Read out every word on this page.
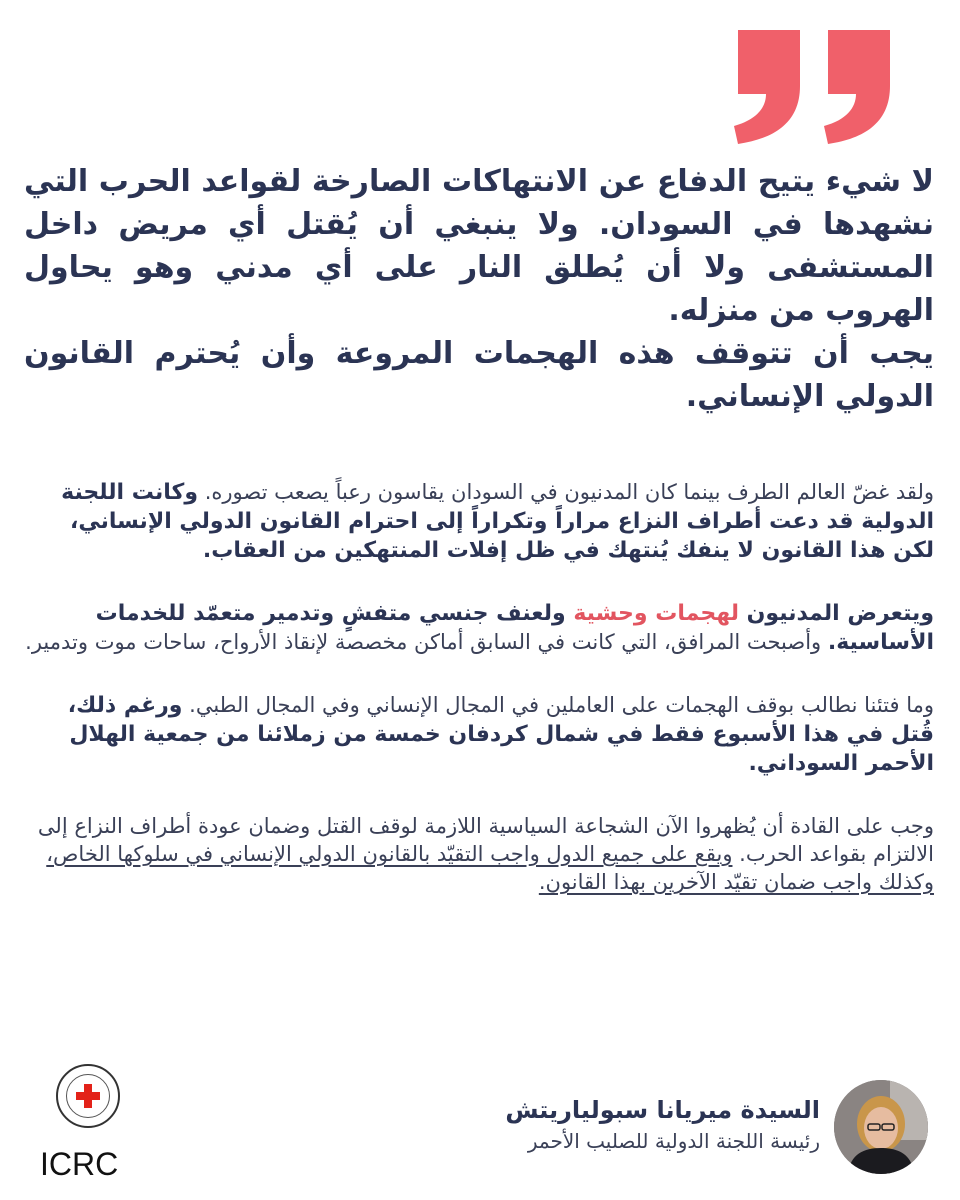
لا شيء يتيح الدفاع عن الانتهاكات الصارخة لقواعد الحرب التي نشهدها في السودان. ولا ينبغي أن يُقتل أي مريض داخل المستشفى ولا أن يُطلق النار على أي مدني وهو يحاول الهروب من منزله.

يجب أن تتوقف هذه الهجمات المروعة وأن يُحترم القانون الدولي الإنساني.

ولقد غضّ العالم الطرف بينما كان المدنيون في السودان يقاسون رعباً يصعب تصوره. وكانت اللجنة الدولية قد دعت أطراف النزاع مراراً وتكراراً إلى احترام القانون الدولي الإنساني، لكن هذا القانون لا ينفك يُنتهك في ظل إفلات المنتهكين من العقاب.

ويتعرض المدنيون لهجمات وحشية ولعنف جنسي متفشٍ وتدمير متعمّد للخدمات الأساسية. وأصبحت المرافق، التي كانت في السابق أماكن مخصصة لإنقاذ الأرواح، ساحات موت وتدمير.

وما فتئنا نطالب بوقف الهجمات على العاملين في المجال الإنساني وفي المجال الطبي. ورغم ذلك، قُتل في هذا الأسبوع فقط في شمال كردفان خمسة من زملائنا من جمعية الهلال الأحمر السوداني.

وجب على القادة أن يُظهروا الآن الشجاعة السياسية اللازمة لوقف القتل وضمان عودة أطراف النزاع إلى الالتزام بقواعد الحرب. ويقع على جميع الدول واجب التقيّد بالقانون الدولي الإنساني في سلوكها الخاص، وكذلك واجب ضمان تقيّد الآخرين بهذا القانون.

ICRC
السيدة ميريانا سبولياريتش
رئيسة اللجنة الدولية للصليب الأحمر
